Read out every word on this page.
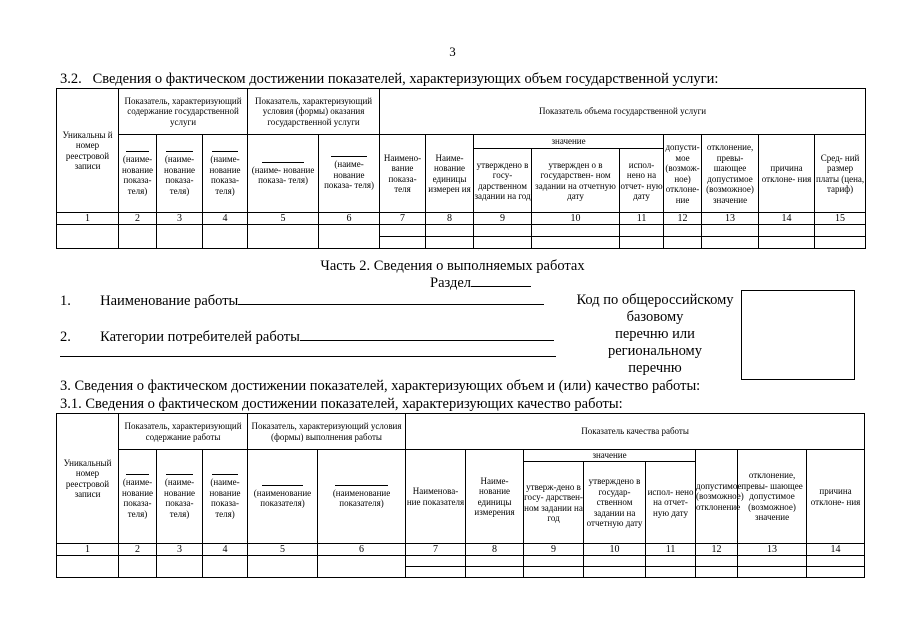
3
3.2. Сведения о фактическом достижении показателей, характеризующих объем государственной услуги:
Уникальны й номер реестровой записи	Показатель, характеризующий содержание государственной услуги			Показатель, характеризующий условия (формы) оказания государственной услуги		Показатель объема государственной услуги								

(наиме- нование показа- теля)	(наиме- нование показа- теля)	(наиме- нование показа- теля)	(наиме- нование показа- теля)	(наиме- нование показа- теля)	Наимено- вание показа- теля	Наиме- нование единицы измерен ия	значение			допусти- мое (возмож- ное) отклоне- ние	отклонение, превы- шающее допустимое (возможное) значение	причина отклоне- ния	Сред- ний размер платы (цена, тариф)
								утверждено в госу- дарственном задании на год	утвержден о в государствен- ном задании на отчетную дату	испол- нено на отчет- ную дату				
1	2	3	4	5	6	7	8	9	10	11	12	13	14	15

Часть 2. Сведения о выполняемых работах
Раздел
1. Наименование работы
2. Категории потребителей работы
Код по общероссийскому
базовому
перечню или
региональному
перечню
3. Сведения о фактическом достижении показателей, характеризующих объем и (или) качество работы:
3.1. Сведения о фактическом достижении показателей, характеризующих качество работы:
Уникальный номер реестровой записи	Показатель, характеризующий содержание работы			Показатель, характеризующий условия (формы) выполнения работы		Показатель качества работы							

(наиме- нование показа- теля)	(наиме- нование показа- теля)	(наиме- нование показа- теля)	(наименование показателя)	(наименование показателя)	Наименова- ние показателя	Наиме- нование единицы измерения	значение			допустимое (возможное) отклонение	отклонение, превы- шающее допустимое (возможное) значение	причина отклоне- ния
								утверж-дено в госу- дарствен- ном задании на год	утверждено в государ- ственном задании на отчетную дату	испол- нено на отчет- ную дату			
1	2	3	4	5	6	7	8	9	10	11	12	13	14
